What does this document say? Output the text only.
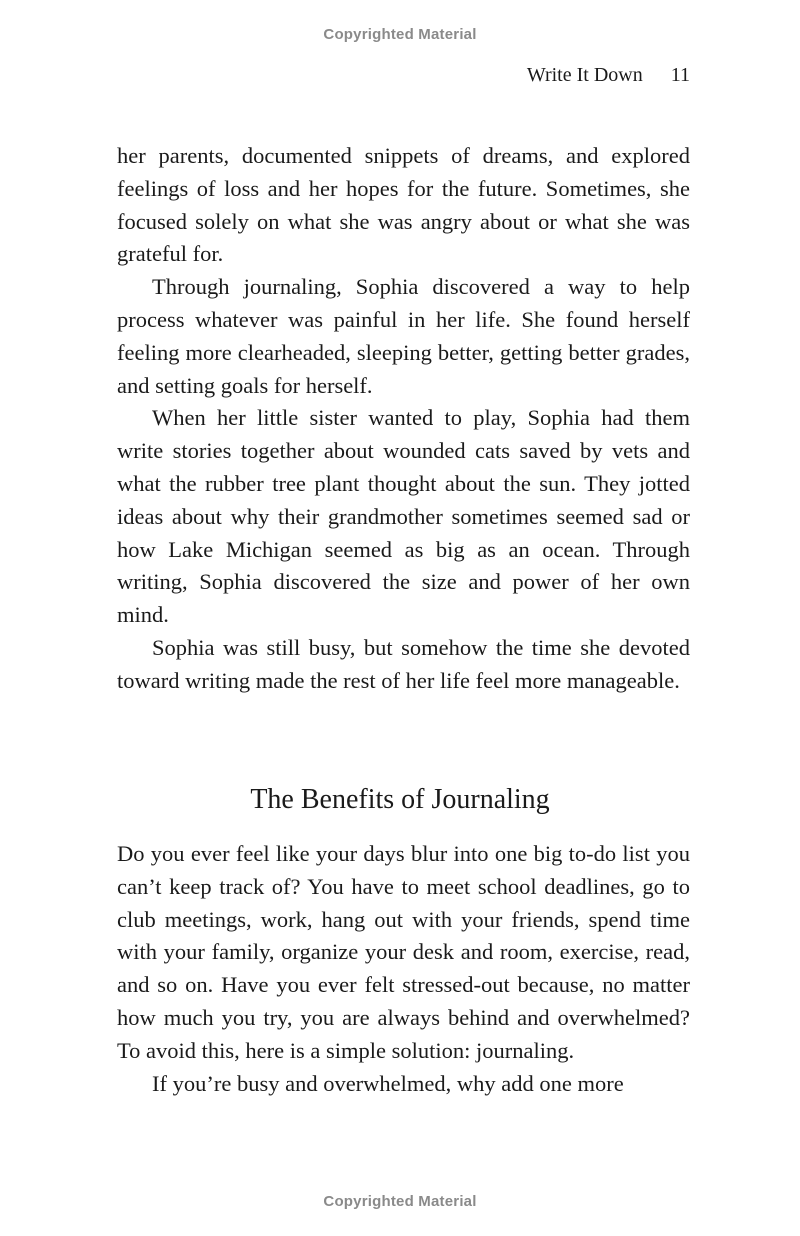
Copyrighted Material
Write It Down 11

her parents, documented snippets of dreams, and explored feelings of loss and her hopes for the future. Sometimes, she focused solely on what she was angry about or what she was grateful for.

Through journaling, Sophia discovered a way to help process whatever was painful in her life. She found herself feeling more clearheaded, sleeping better, getting better grades, and setting goals for herself.

When her little sister wanted to play, Sophia had them write stories together about wounded cats saved by vets and what the rubber tree plant thought about the sun. They jotted ideas about why their grandmother sometimes seemed sad or how Lake Michigan seemed as big as an ocean. Through writing, Sophia discovered the size and power of her own mind.

Sophia was still busy, but somehow the time she devoted toward writing made the rest of her life feel more manageable.

The Benefits of Journaling

Do you ever feel like your days blur into one big to-do list you can’t keep track of? You have to meet school deadlines, go to club meetings, work, hang out with your friends, spend time with your family, organize your desk and room, exercise, read, and so on. Have you ever felt stressed-out because, no matter how much you try, you are always behind and overwhelmed? To avoid this, here is a simple solution: journaling.

If you’re busy and overwhelmed, why add one more

Copyrighted Material
